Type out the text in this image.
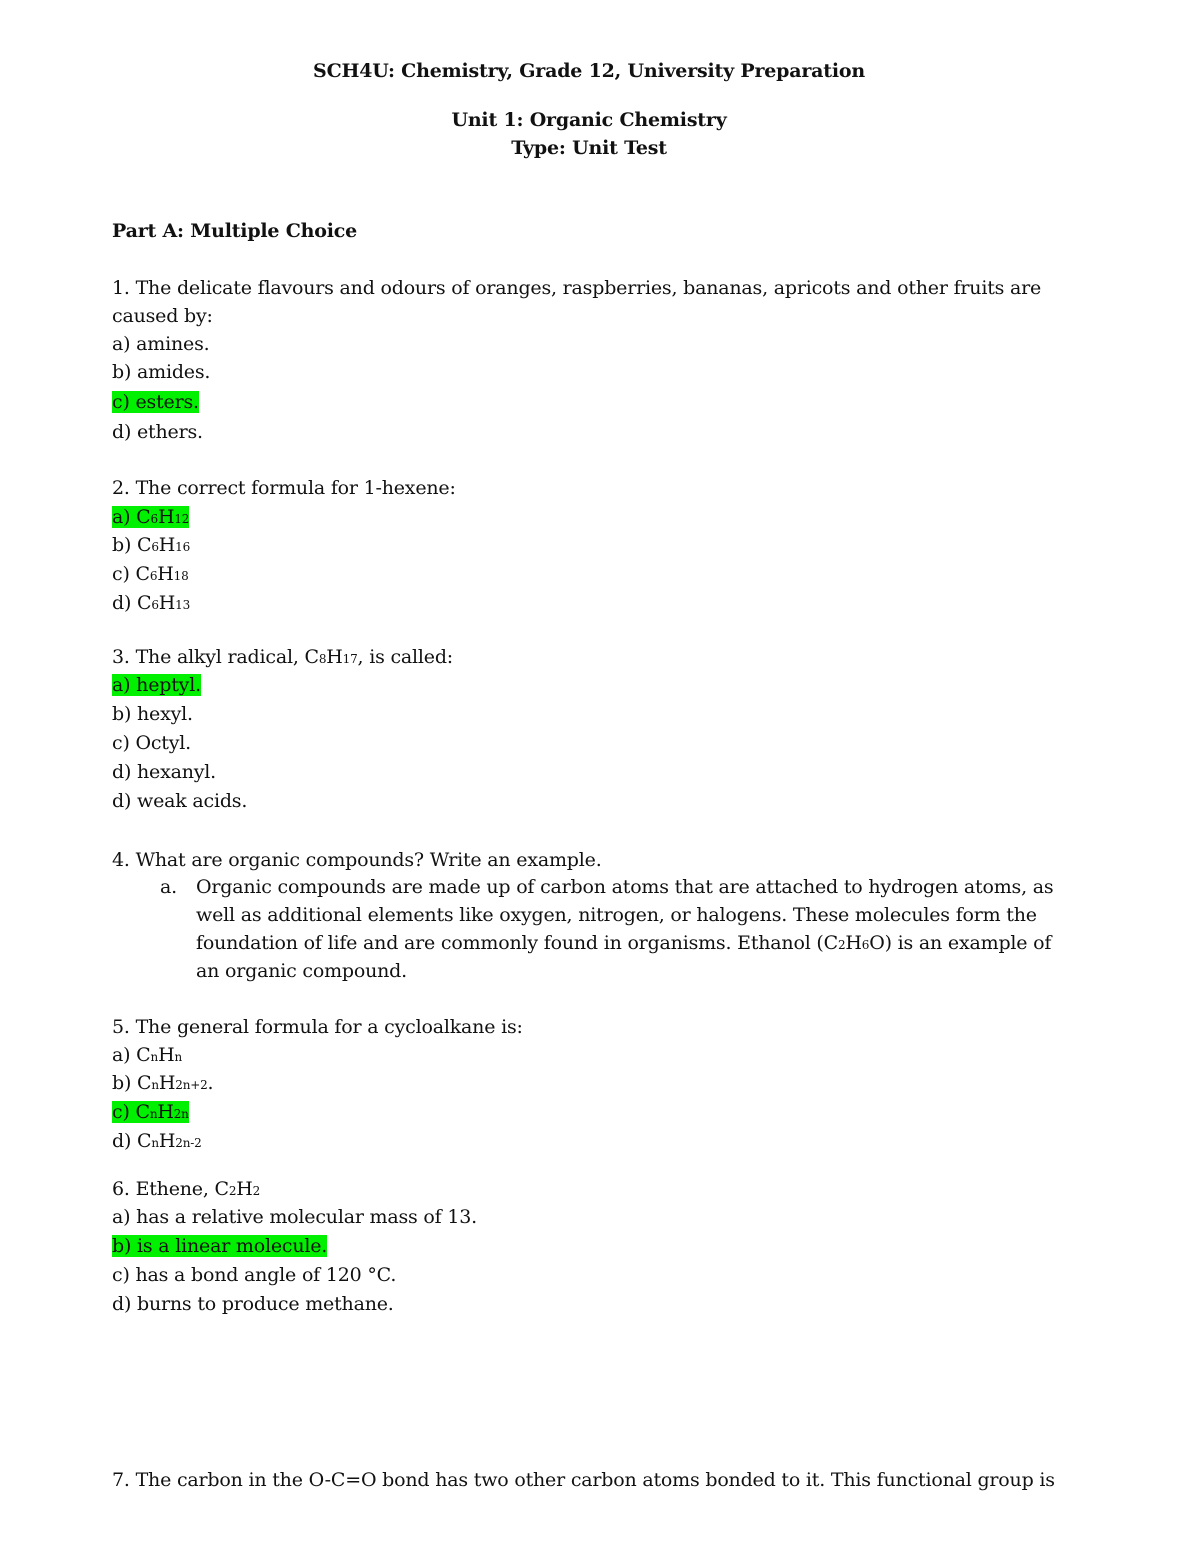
SCH4U: Chemistry, Grade 12, University Preparation

Unit 1: Organic Chemistry

Type: Unit Test

Part A: Multiple Choice

1. The delicate flavours and odours of oranges, raspberries, bananas, apricots and other fruits are

caused by:

a) amines.

b) amides.

c) esters.

d) ethers.

2. The correct formula for 1-hexene:

a) C6H12

b) C6H16

c) C6H18

d) C6H13

3. The alkyl radical, C8H17, is called:

a) heptyl.

b) hexyl.

c) Octyl.

d) hexanyl.

d) weak acids.

4. What are organic compounds? Write an example.

a. Organic compounds are made up of carbon atoms that are attached to hydrogen atoms, as

well as additional elements like oxygen, nitrogen, or halogens. These molecules form the

foundation of life and are commonly found in organisms. Ethanol (C2H6O) is an example of

an organic compound.

5. The general formula for a cycloalkane is:

a) CnHn

b) CnH2n+2.

c) CnH2n

d) CnH2n-2

6. Ethene, C2H2

a) has a relative molecular mass of 13.

b) is a linear molecule.

c) has a bond angle of 120 °C.

d) burns to produce methane.

7. The carbon in the O-C=O bond has two other carbon atoms bonded to it. This functional group is
